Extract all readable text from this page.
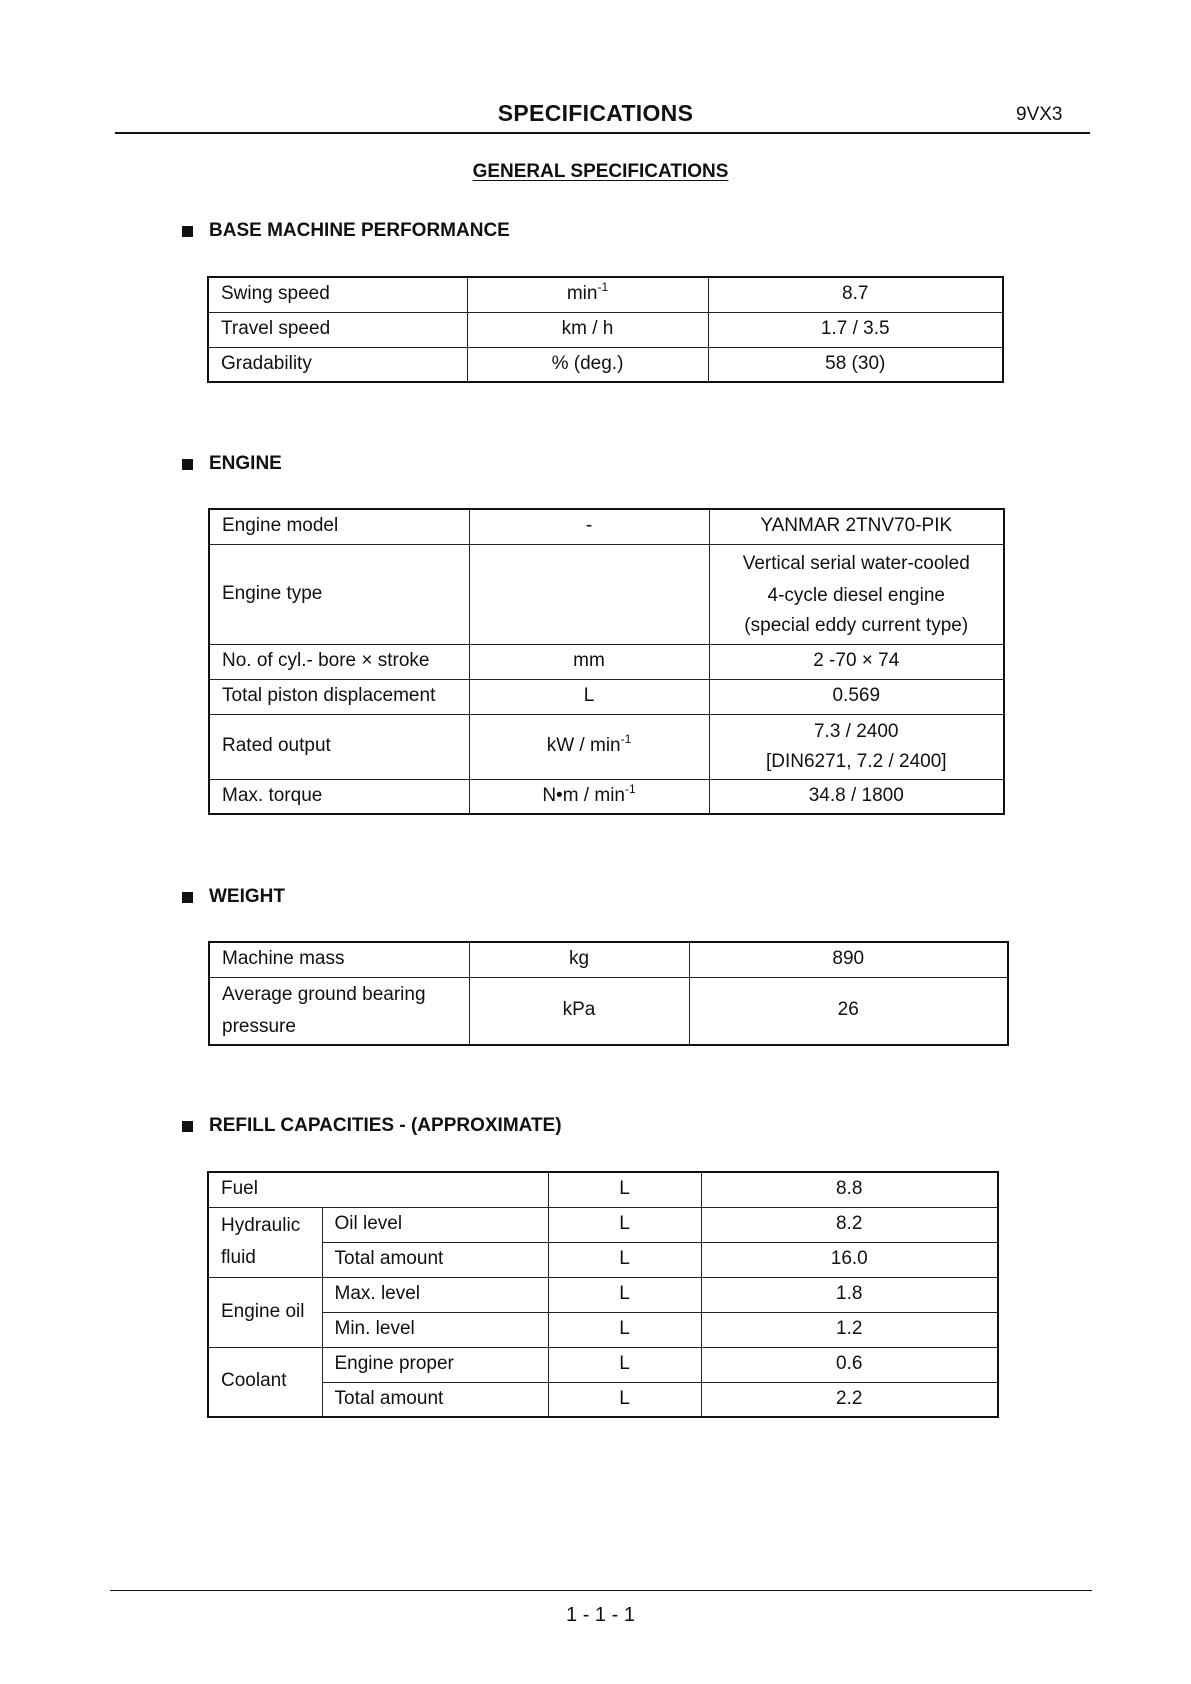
SPECIFICATIONS	9VX3
GENERAL SPECIFICATIONS
BASE MACHINE PERFORMANCE
Swing speed	$\min^{-1}$	8.7
Travel speed	km / h	1.7 / 3.5
Gradability	% (deg.)	58 (30)
ENGINE
Engine model	-	YANMAR 2TNV70-PIK
Engine type		Vertical serial water-cooled
4-cycle diesel engine
(special eddy current type)

No. of cyl.- bore × stroke	mm	2 -70 × 74
Total piston displacement	L	0.569
Rated output	kW / $\min^{-1}$	7.3 / 2400
[DIN6271, 7.2 / 2400]

Max. torque	N•m / $\min^{-1}$	34.8 / 1800
WEIGHT
Machine mass	kg	890

Average ground bearing
pressure	kPa	26
REFILL CAPACITIES - (APPROXIMATE)
Fuel		L	8.8

Hydraulic
fluid	Oil level	L	8.2
	Total amount	L	16.0
Engine oil	Max. level	L	1.8
	Min. level	L	1.2
Coolant	Engine proper	L	0.6
	Total amount	L	2.2
1 - 1 - 1
